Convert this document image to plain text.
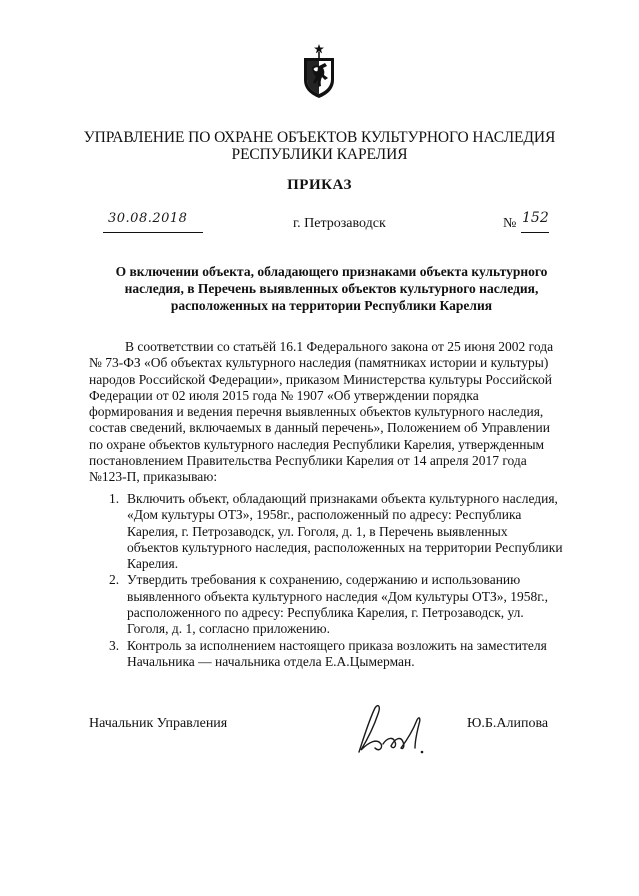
УПРАВЛЕНИЕ ПО ОХРАНЕ ОБЪЕКТОВ КУЛЬТУРНОГО НАСЛЕДИЯ
РЕСПУБЛИКИ КАРЕЛИЯ
ПРИКАЗ
30.08.2018	г. Петрозаводск	№ 152

О включении объекта, обладающего признаками объекта культурного
наследия, в Перечень выявленных объектов культурного наследия,
расположенных на территории Республики Карелия

В соответствии со статьёй 16.1 Федерального закона от 25 июня 2002 года
№ 73-ФЗ «Об объектах культурного наследия (памятниках истории и культуры)
народов Российской Федерации», приказом Министерства культуры Российской
Федерации от 02 июля 2015 года № 1907 «Об утверждении порядка
формирования и ведения перечня выявленных объектов культурного наследия,
состав сведений, включаемых в данный перечень», Положением об Управлении
по охране объектов культурного наследия Республики Карелия, утвержденным
постановлением Правительства Республики Карелия от 14 апреля 2017 года
№123-П, приказываю:
1. Включить объект, обладающий признаками объекта культурного наследия,
«Дом культуры ОТЗ», 1958г., расположенный по адресу: Республика
Карелия, г. Петрозаводск, ул. Гоголя, д. 1, в Перечень выявленных
объектов культурного наследия, расположенных на территории Республики
Карелия.
2. Утвердить требования к сохранению, содержанию и использованию
выявленного объекта культурного наследия «Дом культуры ОТЗ», 1958г.,
расположенного по адресу: Республика Карелия, г. Петрозаводск, ул.
Гоголя, д. 1, согласно приложению.
3. Контроль за исполнением настоящего приказа возложить на заместителя
Начальника — начальника отдела Е.А.Цымерман.
Начальник Управления	Ю.Б.Алипова
